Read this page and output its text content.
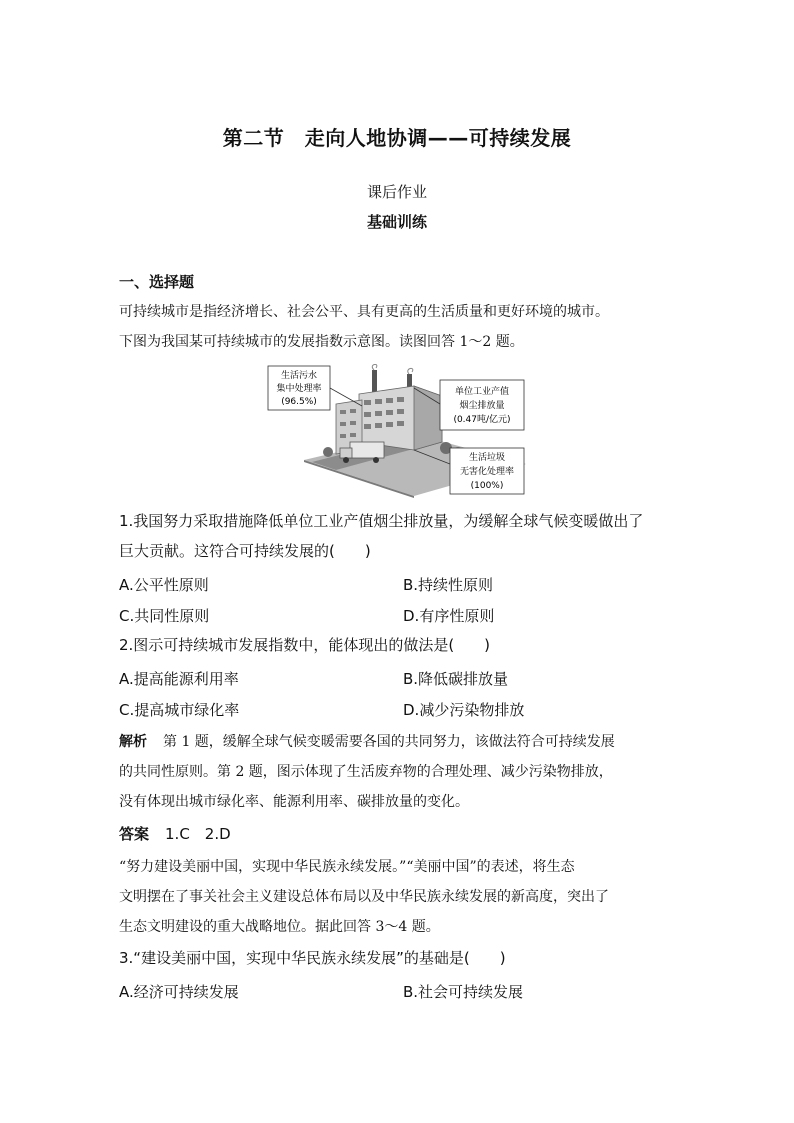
第二节　走向人地协调——可持续发展
课后作业
基础训练
一、选择题
可持续城市是指经济增长、社会公平、具有更高的生活质量和更好环境的城市。
下图为我国某可持续城市的发展指数示意图。读图回答 1～2 题。
生活污水
集中处理率
(96.5%)
单位工业产值
烟尘排放量
(0.47吨/亿元)
生活垃圾
无害化处理率
(100%)
1.我国努力采取措施降低单位工业产值烟尘排放量，为缓解全球气候变暖做出了
巨大贡献。这符合可持续发展的(　　)
A.公平性原则	B.持续性原则
C.共同性原则	D.有序性原则
2.图示可持续城市发展指数中，能体现出的做法是(　　)
A.提高能源利用率	B.降低碳排放量
C.提高城市绿化率	D.减少污染物排放
解析 第 1 题，缓解全球气候变暖需要各国的共同努力，该做法符合可持续发展
的共同性原则。第 2 题，图示体现了生活废弃物的合理处理、减少污染物排放，
没有体现出城市绿化率、能源利用率、碳排放量的变化。
答案 1.C　2.D
“努力建设美丽中国，实现中华民族永续发展。”“美丽中国”的表述，将生态
文明摆在了事关社会主义建设总体布局以及中华民族永续发展的新高度，突出了
生态文明建设的重大战略地位。据此回答 3～4 题。
3.“建设美丽中国，实现中华民族永续发展”的基础是(　　)
A.经济可持续发展	B.社会可持续发展
